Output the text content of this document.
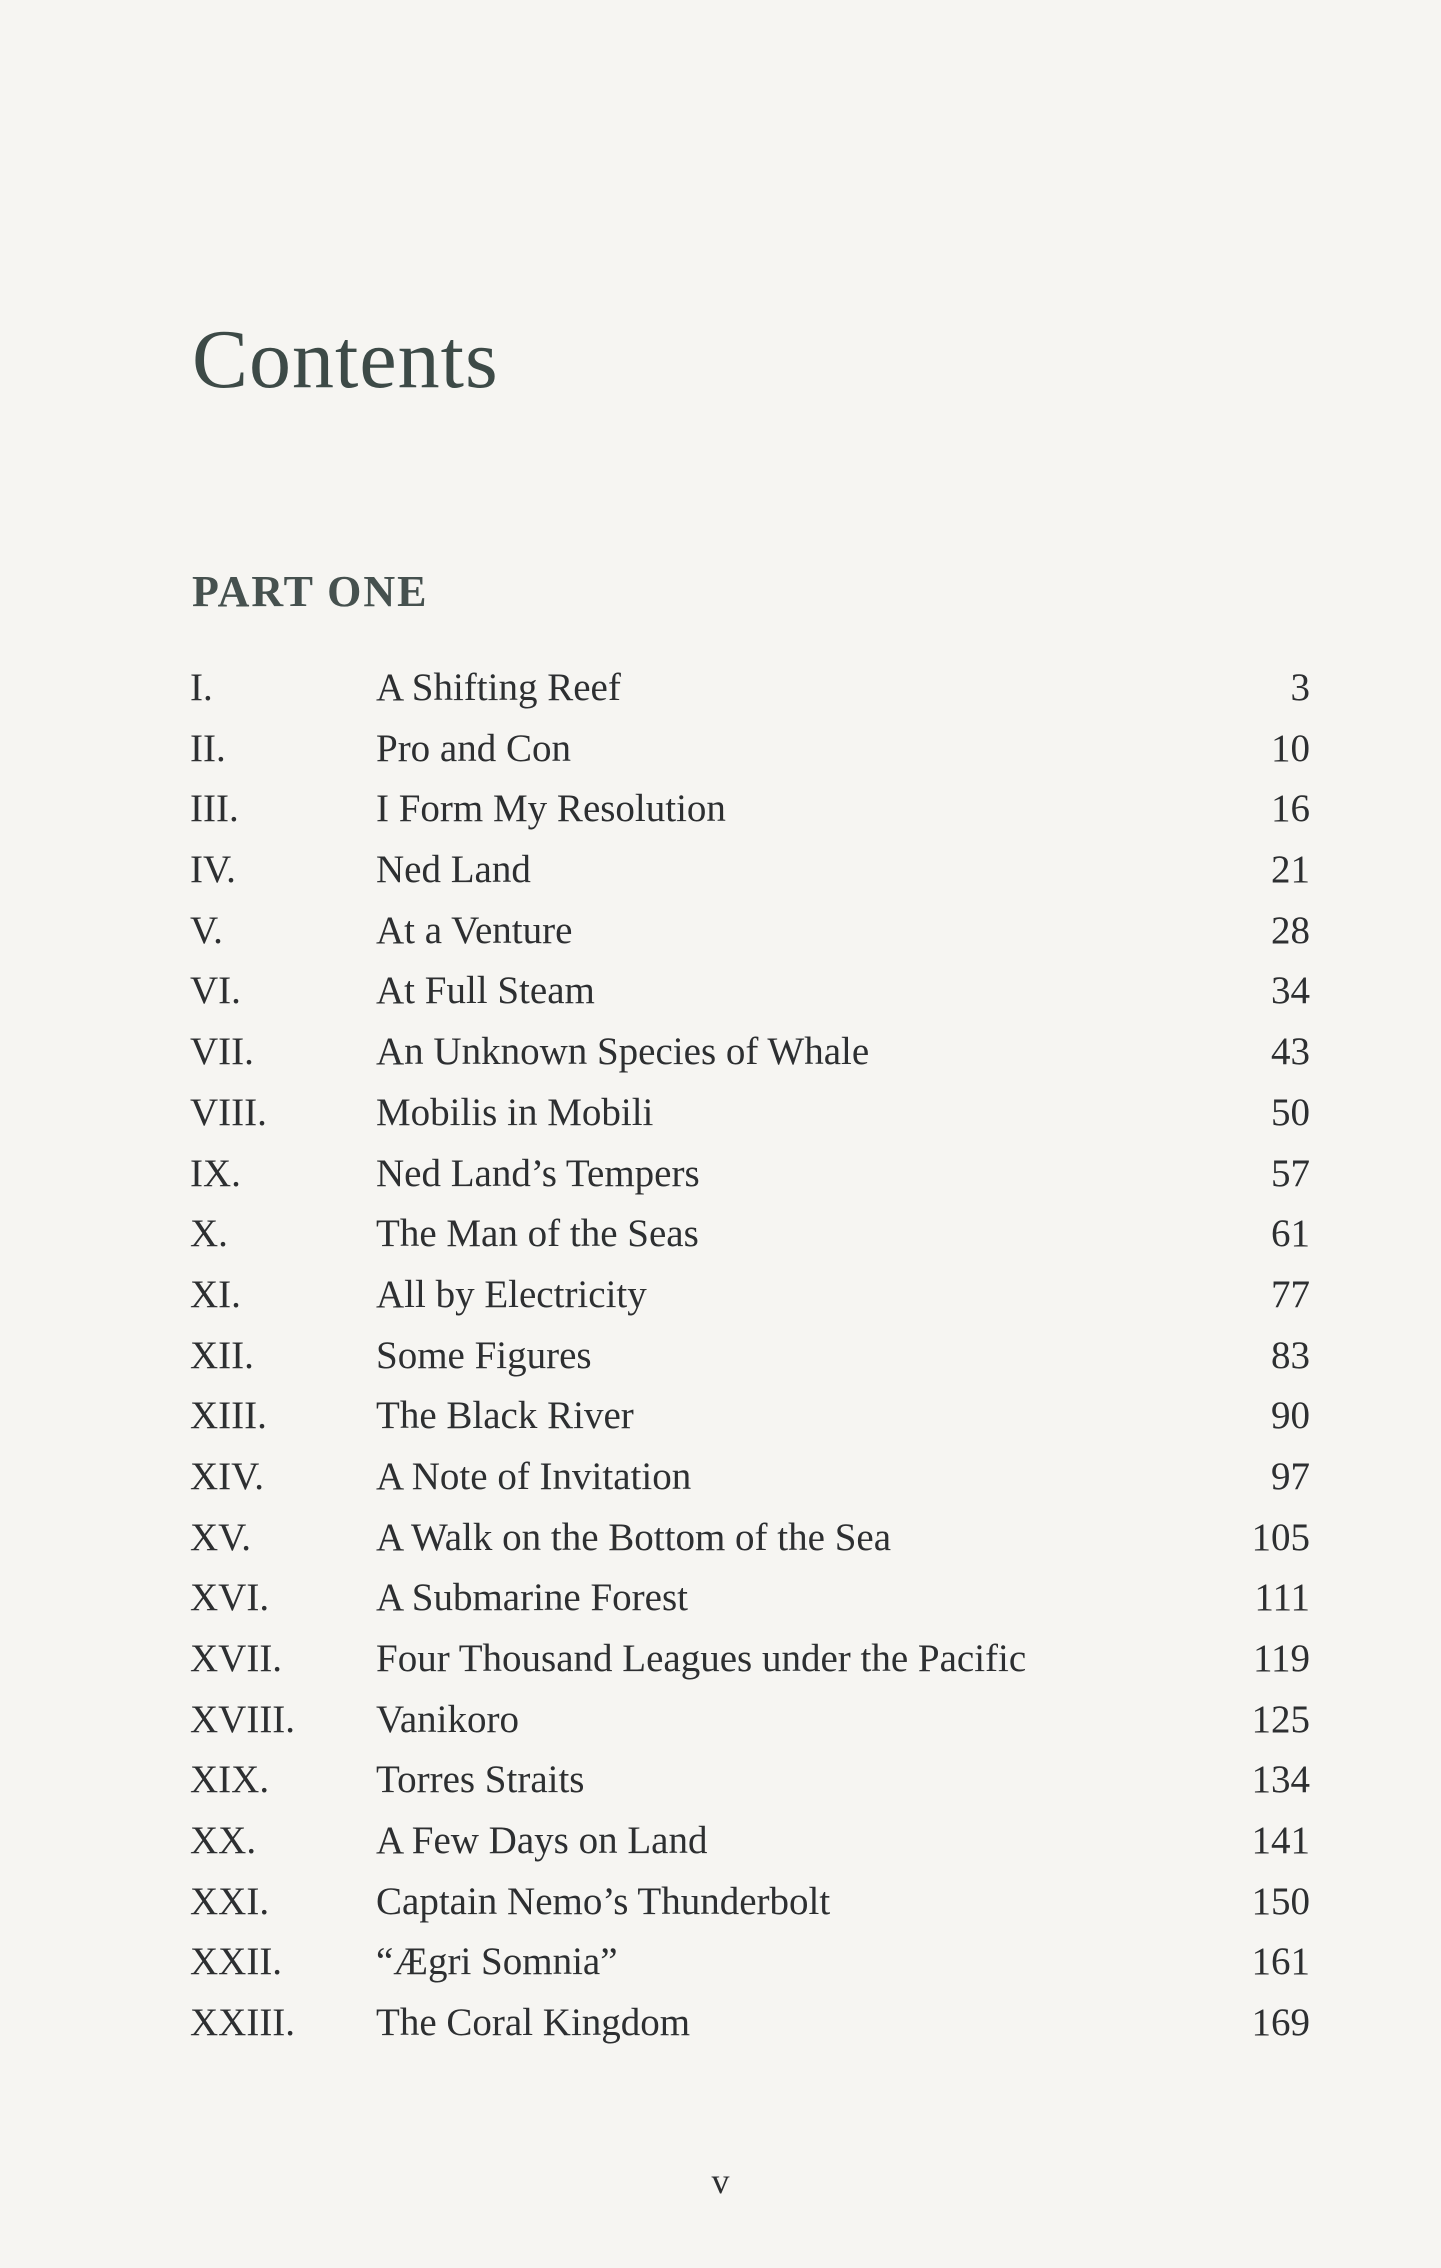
Contents
PART ONE
I.	A Shifting Reef	3
II.	Pro and Con	10
III.	I Form My Resolution	16
IV.	Ned Land	21
V.	At a Venture	28
VI.	At Full Steam	34
VII.	An Unknown Species of Whale	43
VIII.	Mobilis in Mobili	50
IX.	Ned Land’s Tempers	57
X.	The Man of the Seas	61
XI.	All by Electricity	77
XII.	Some Figures	83
XIII.	The Black River	90
XIV.	A Note of Invitation	97
XV.	A Walk on the Bottom of the Sea	105
XVI.	A Submarine Forest	111
XVII. Four Thousand Leagues under the Pacific	119
XVIII. Vanikoro	125
XIX.	Torres Straits	134
XX.	A Few Days on Land	141
XXI.	Captain Nemo’s Thunderbolt	150
XXII. “Ægri Somnia”	161
XXIII. The Coral Kingdom	169
v
